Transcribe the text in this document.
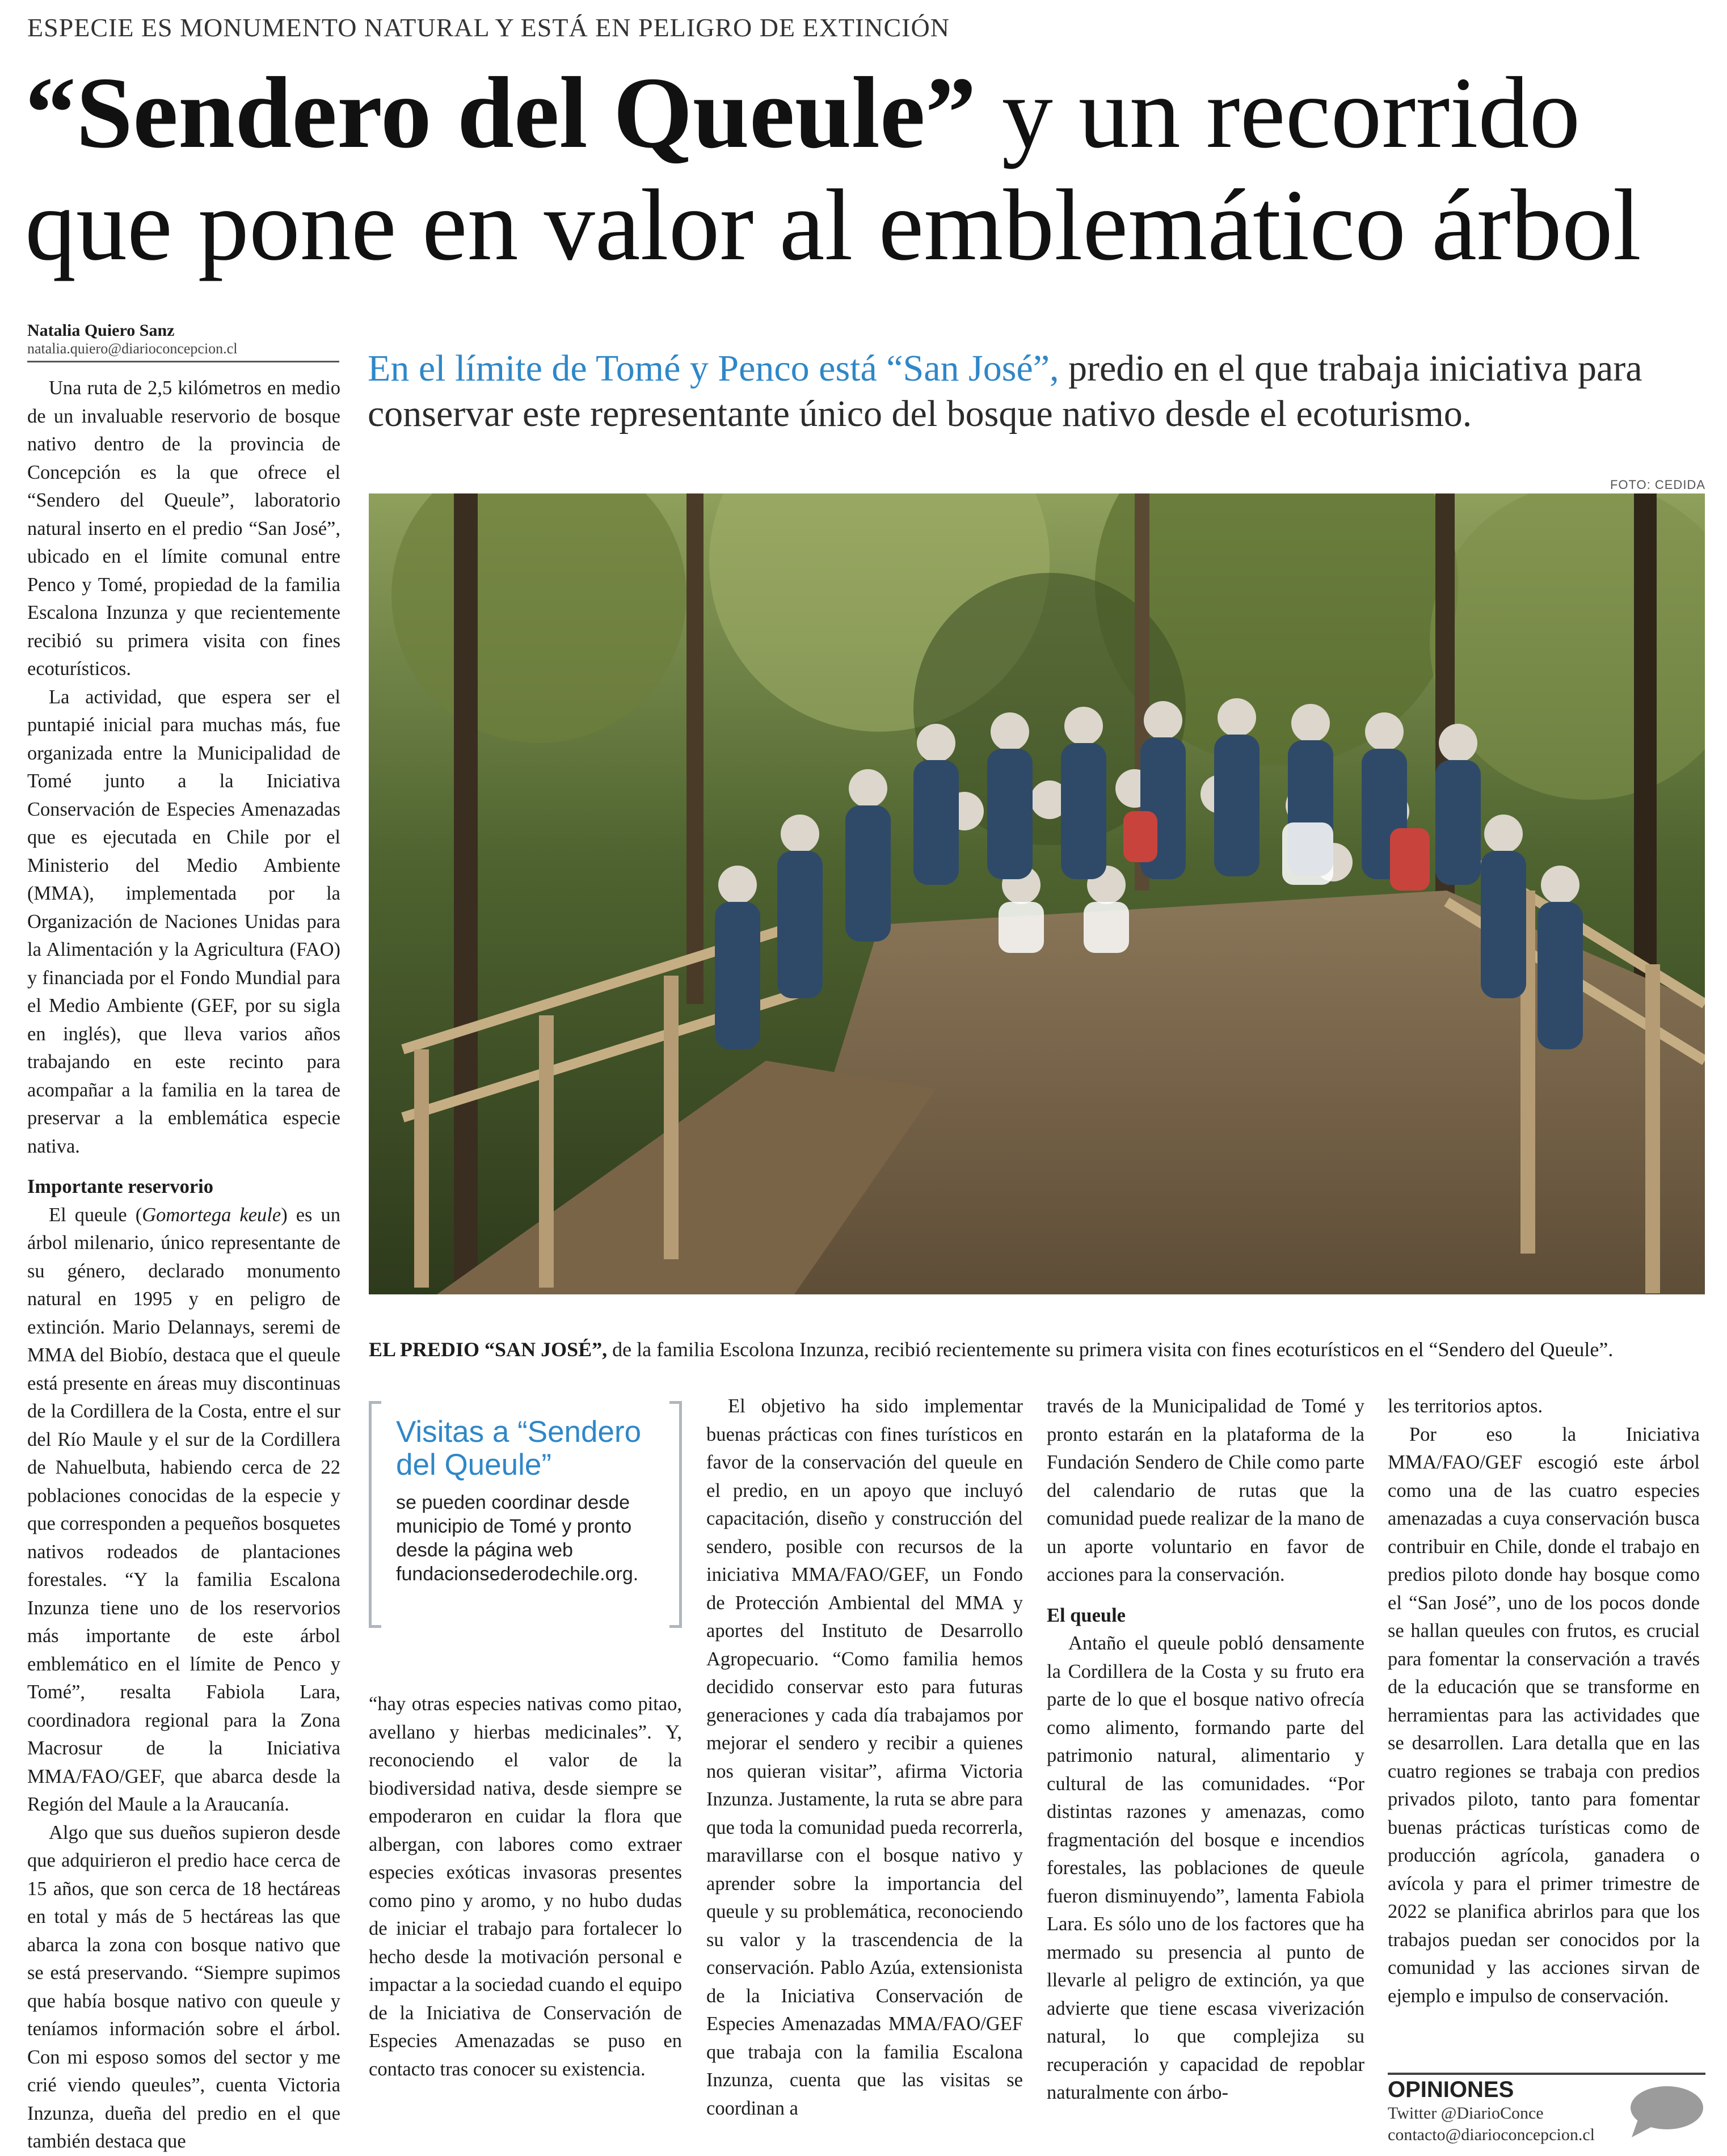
ESPECIE ES MONUMENTO NATURAL Y ESTÁ EN PELIGRO DE EXTINCIÓN
“Sendero del Queule” y un recorrido
que pone en valor al emblemático árbol
Natalia Quiero Sanz
natalia.quiero@diarioconcepcion.cl	En el límite de Tomé y Penco está “San José”, predio en el que trabaja iniciativa para conservar este representante único del bosque nativo desde el ecoturismo.
FOTO: CEDIDA
EL PREDIO “SAN JOSÉ”, de la familia Escolona Inzunza, recibió recientemente su primera visita con fines ecoturísticos en el “Sendero del Queule”.

Una ruta de 2,5 kilómetros en medio de un invaluable reservorio de bosque nativo dentro de la provincia de Concepción es la que ofrece el “Sendero del Queule”, laboratorio natural inserto en el predio “San José”, ubicado en el límite comunal entre Penco y Tomé, propiedad de la familia Escalona Inzunza y que recientemente recibió su primera visita con fines ecoturísticos.

La actividad, que espera ser el puntapié inicial para muchas más, fue organizada entre la Municipalidad de Tomé junto a la Iniciativa Conservación de Especies Amenazadas que es ejecutada en Chile por el Ministerio del Medio Ambiente (MMA), implementada por la Organización de Naciones Unidas para la Alimentación y la Agricultura (FAO) y financiada por el Fondo Mundial para el Medio Ambiente (GEF, por su sigla en inglés), que lleva varios años trabajando en este recinto para acompañar a la familia en la tarea de preservar a la emblemática especie nativa.

Importante reservorio

El queule (Gomortega keule) es un árbol milenario, único representante de su género, declarado monumento natural en 1995 y en peligro de extinción. Mario Delannays, seremi de MMA del Biobío, destaca que el queule está presente en áreas muy discontinuas de la Cordillera de la Costa, entre el sur del Río Maule y el sur de la Cordillera de Nahuelbuta, habiendo cerca de 22 poblaciones conocidas de la especie y que corresponden a pequeños bosquetes nativos rodeados de plantaciones forestales. “Y la familia Escalona Inzunza tiene uno de los reservorios más importante de este árbol emblemático en el límite de Penco y Tomé”, resalta Fabiola Lara, coordinadora regional para la Zona Macrosur de la Iniciativa MMA/FAO/GEF, que abarca desde la Región del Maule a la Araucanía.

Algo que sus dueños supieron desde que adquirieron el predio hace cerca de 15 años, que son cerca de 18 hectáreas en total y más de 5 hectáreas las que abarca la zona con bosque nativo que se está preservando. “Siempre supimos que había bosque nativo con queule y teníamos información sobre el árbol. Con mi esposo somos del sector y me crié viendo queules”, cuenta Victoria Inzunza, dueña del predio en el que también destaca que

Visitas a “Sendero del Queule”
se pueden coordinar desde municipio de Tomé y pronto desde la página web fundacionsederodechile.org.

“hay otras especies nativas como pitao, avellano y hierbas medicinales”. Y, reconociendo el valor de la biodiversidad nativa, desde siempre se empoderaron en cuidar la flora que albergan, con labores como extraer especies exóticas invasoras presentes como pino y aromo, y no hubo dudas de iniciar el trabajo para fortalecer lo hecho desde la motivación personal e impactar a la sociedad cuando el equipo de la Iniciativa de Conservación de Especies Amenazadas se puso en contacto tras conocer su existencia.

El objetivo ha sido implementar buenas prácticas con fines turísticos en favor de la conservación del queule en el predio, en un apoyo que incluyó capacitación, diseño y construcción del sendero, posible con recursos de la iniciativa MMA/FAO/GEF, un Fondo de Protección Ambiental del MMA y aportes del Instituto de Desarrollo Agropecuario. “Como familia hemos decidido conservar esto para futuras generaciones y cada día trabajamos por mejorar el sendero y recibir a quienes nos quieran visitar”, afirma Victoria Inzunza. Justamente, la ruta se abre para que toda la comunidad pueda recorrerla, maravillarse con el bosque nativo y aprender sobre la importancia del queule y su problemática, reconociendo su valor y la trascendencia de la conservación. Pablo Azúa, extensionista de la Iniciativa Conservación de Especies Amenazadas MMA/FAO/GEF que trabaja con la familia Escalona Inzunza, cuenta que las visitas se coordinan a

través de la Municipalidad de Tomé y pronto estarán en la plataforma de la Fundación Sendero de Chile como parte del calendario de rutas que la comunidad puede realizar de la mano de un aporte voluntario en favor de acciones para la conservación.

El queule

Antaño el queule pobló densamente la Cordillera de la Costa y su fruto era parte de lo que el bosque nativo ofrecía como alimento, formando parte del patrimonio natural, alimentario y cultural de las comunidades. “Por distintas razones y amenazas, como fragmentación del bosque e incendios forestales, las poblaciones de queule fueron disminuyendo”, lamenta Fabiola Lara. Es sólo uno de los factores que ha mermado su presencia al punto de llevarle al peligro de extinción, ya que advierte que tiene escasa viverización natural, lo que complejiza su recuperación y capacidad de repoblar naturalmente con árbo-

les territorios aptos.

Por eso la Iniciativa MMA/FAO/GEF escogió este árbol como una de las cuatro especies amenazadas a cuya conservación busca contribuir en Chile, donde el trabajo en predios piloto donde hay bosque como el “San José”, uno de los pocos donde se hallan queules con frutos, es crucial para fomentar la conservación a través de la educación que se transforme en herramientas para las actividades que se desarrollen. Lara detalla que en las cuatro regiones se trabaja con predios privados piloto, tanto para fomentar buenas prácticas turísticas como de producción agrícola, ganadera o avícola y para el primer trimestre de 2022 se planifica abrirlos para que los trabajos puedan ser conocidos por la comunidad y las acciones sirvan de ejemplo e impulso de conservación.

OPINIONES
Twitter @DiarioConce
contacto@diarioconcepcion.cl
